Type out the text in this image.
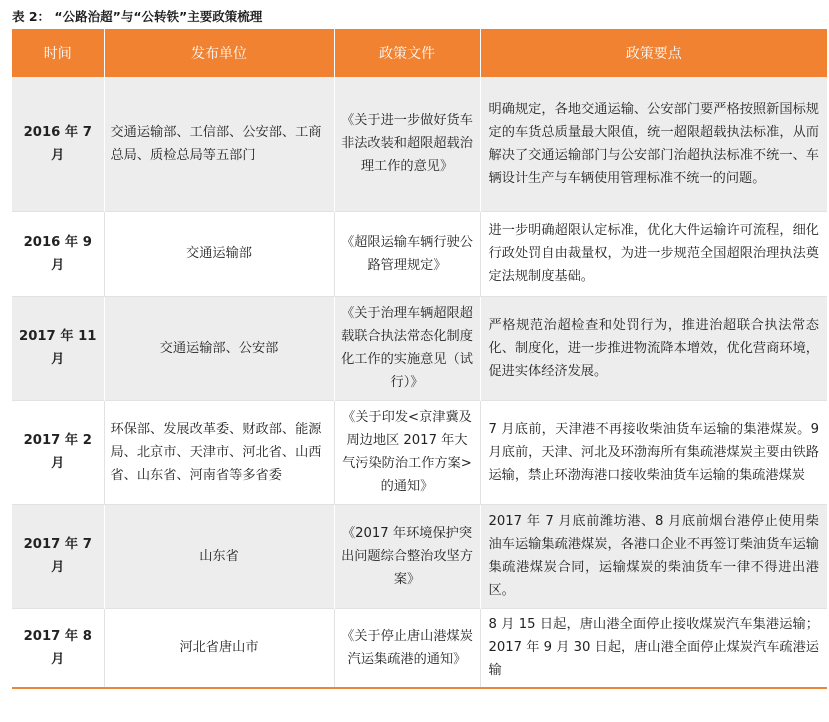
表 2： “公路治超”与“公转铁”主要政策梳理
时间	发布单位	政策文件	政策要点
2016 年 7 月	交通运输部、工信部、公安部、工商总局、质检总局等五部门	《关于进一步做好货车非法改装和超限超载治理工作的意见》	明确规定，各地交通运输、公安部门要严格按照新国标规定的车货总质量最大限值，统一超限超载执法标准，从而解决了交通运输部门与公安部门治超执法标准不统一、车辆设计生产与车辆使用管理标准不统一的问题。
2016 年 9 月	交通运输部	《超限运输车辆行驶公路管理规定》	进一步明确超限认定标准，优化大件运输许可流程，细化行政处罚自由裁量权，为进一步规范全国超限治理执法奠定法规制度基础。
2017 年 11 月	交通运输部、公安部	《关于治理车辆超限超载联合执法常态化制度化工作的实施意见（试行）》	严格规范治超检查和处罚行为，推进治超联合执法常态化、制度化，进一步推进物流降本增效，优化营商环境，促进实体经济发展。
2017 年 2 月	环保部、发展改革委、财政部、能源局、北京市、天津市、河北省、山西省、山东省、河南省等多省委	《关于印发<京津冀及周边地区 2017 年大气污染防治工作方案>的通知》	7 月底前，天津港不再接收柴油货车运输的集港煤炭。9 月底前，天津、河北及环渤海所有集疏港煤炭主要由铁路运输，禁止环渤海港口接收柴油货车运输的集疏港煤炭
2017 年 7 月	山东省	《2017 年环境保护突出问题综合整治攻坚方案》	2017 年 7 月底前潍坊港、8 月底前烟台港停止使用柴油车运输集疏港煤炭，各港口企业不再签订柴油货车运输集疏港煤炭合同，运输煤炭的柴油货车一律不得进出港区。
2017 年 8 月	河北省唐山市	《关于停止唐山港煤炭汽运集疏港的通知》	8 月 15 日起，唐山港全面停止接收煤炭汽车集港运输；2017 年 9 月 30 日起，唐山港全面停止煤炭汽车疏港运输
